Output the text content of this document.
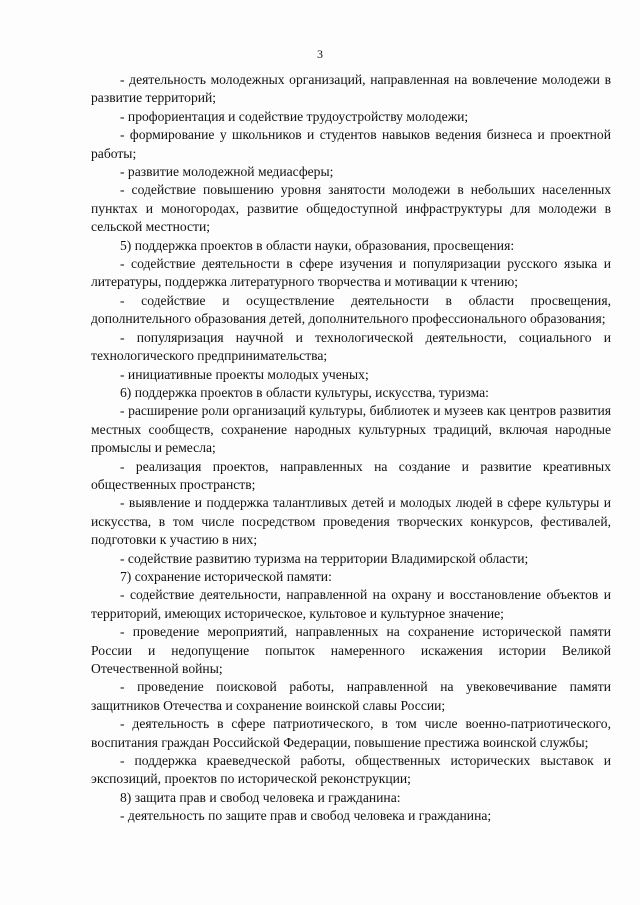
3

- деятельность молодежных организаций, направленная на вовлечение молодежи в развитие территорий;

- профориентация и содействие трудоустройству молодежи;

- формирование у школьников и студентов навыков ведения бизнеса и проектной работы;

- развитие молодежной медиасферы;

- содействие повышению уровня занятости молодежи в небольших населенных пунктах и моногородах, развитие общедоступной инфраструктуры для молодежи в сельской местности;

5) поддержка проектов в области науки, образования, просвещения:

- содействие деятельности в сфере изучения и популяризации русского языка и литературы, поддержка литературного творчества и мотивации к чтению;

- содействие и осуществление деятельности в области просвещения, дополнительного образования детей, дополнительного профессионального образования;

- популяризация научной и технологической деятельности, социального и технологического предпринимательства;

- инициативные проекты молодых ученых;

6) поддержка проектов в области культуры, искусства, туризма:

- расширение роли организаций культуры, библиотек и музеев как центров развития местных сообществ, сохранение народных культурных традиций, включая народные промыслы и ремесла;

- реализация проектов, направленных на создание и развитие креативных общественных пространств;

- выявление и поддержка талантливых детей и молодых людей в сфере культуры и искусства, в том числе посредством проведения творческих конкурсов, фестивалей, подготовки к участию в них;

- содействие развитию туризма на территории Владимирской области;

7) сохранение исторической памяти:

- содействие деятельности, направленной на охрану и восстановление объектов и территорий, имеющих историческое, культовое и культурное значение;

- проведение мероприятий, направленных на сохранение исторической памяти России и недопущение попыток намеренного искажения истории Великой Отечественной войны;

- проведение поисковой работы, направленной на увековечивание памяти защитников Отечества и сохранение воинской славы России;

- деятельность в сфере патриотического, в том числе военно-патриотического, воспитания граждан Российской Федерации, повышение престижа воинской службы;

- поддержка краеведческой работы, общественных исторических выставок и экспозиций, проектов по исторической реконструкции;

8) защита прав и свобод человека и гражданина:

- деятельность по защите прав и свобод человека и гражданина;
